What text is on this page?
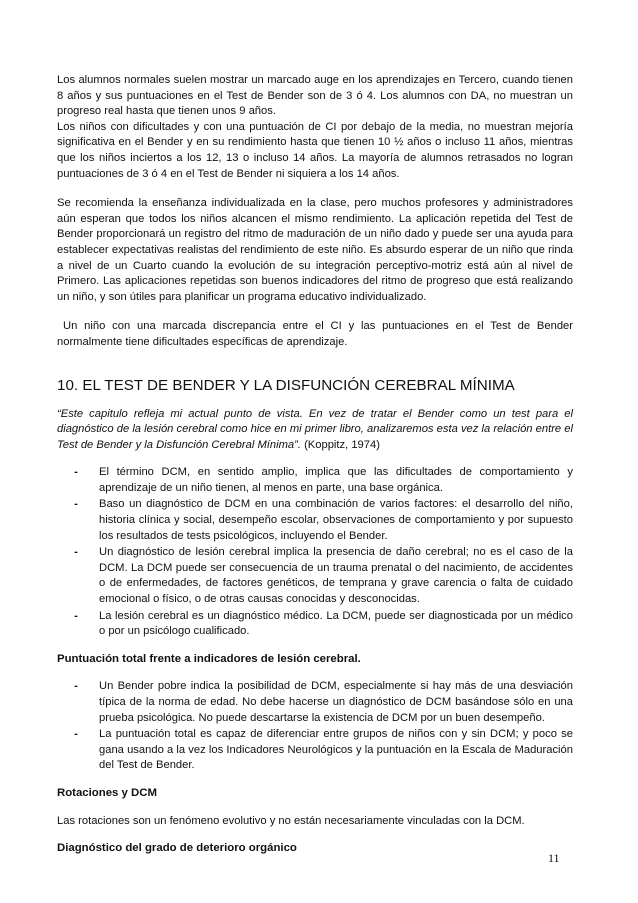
Los alumnos normales suelen mostrar un marcado auge en los aprendizajes en Tercero, cuando tienen 8 años y sus puntuaciones en el Test de Bender son de 3 ó 4. Los alumnos con DA, no muestran un progreso real hasta que tienen unos 9 años.

Los niños con dificultades y con una puntuación de CI por debajo de la media, no muestran mejoría significativa en el Bender y en su rendimiento hasta que tienen 10 ½ años o incluso 11 años, mientras que los niños inciertos a los 12, 13 o incluso 14 años. La mayoría de alumnos retrasados no logran puntuaciones de 3 ó 4 en el Test de Bender ni siquiera a los 14 años.

Se recomienda la enseñanza individualizada en la clase, pero muchos profesores y administradores aún esperan que todos los niños alcancen el mismo rendimiento. La aplicación repetida del Test de Bender proporcionará un registro del ritmo de maduración de un niño dado y puede ser una ayuda para establecer expectativas realistas del rendimiento de este niño. Es absurdo esperar de un niño que rinda a nivel de un Cuarto cuando la evolución de su integración perceptivo-motriz está aún al nivel de Primero. Las aplicaciones repetidas son buenos indicadores del ritmo de progreso que está realizando un niño, y son útiles para planificar un programa educativo individualizado.

Un niño con una marcada discrepancia entre el CI y las puntuaciones en el Test de Bender normalmente tiene dificultades específicas de aprendizaje.

10. EL TEST DE BENDER Y LA DISFUNCIÓN CEREBRAL MÍNIMA

“Este capitulo refleja mi actual punto de vista. En vez de tratar el Bender como un test para el diagnóstico de la lesión cerebral como hice en mi primer libro, analizaremos esta vez la relación entre el Test de Bender y la Disfunción Cerebral Mínima”. (Koppitz, 1974)

- El término DCM, en sentido amplio, implica que las dificultades de comportamiento y aprendizaje de un niño tienen, al menos en parte, una base orgánica.
- Baso un diagnóstico de DCM en una combinación de varios factores: el desarrollo del niño, historia clínica y social, desempeño escolar, observaciones de comportamiento y por supuesto los resultados de tests psicológicos, incluyendo el Bender.
- Un diagnóstico de lesión cerebral implica la presencia de daño cerebral; no es el caso de la DCM. La DCM puede ser consecuencia de un trauma prenatal o del nacimiento, de accidentes o de enfermedades, de factores genéticos, de temprana y grave carencia o falta de cuidado emocional o físico, o de otras causas conocidas y desconocidas.
- La lesión cerebral es un diagnóstico médico. La DCM, puede ser diagnosticada por un médico o por un psicólogo cualificado.
Puntuación total frente a indicadores de lesión cerebral.
- Un Bender pobre indica la posibilidad de DCM, especialmente si hay más de una desviación típica de la norma de edad. No debe hacerse un diagnóstico de DCM basándose sólo en una prueba psicológica. No puede descartarse la existencia de DCM por un buen desempeño.
- La puntuación total es capaz de diferenciar entre grupos de niños con y sin DCM; y poco se gana usando a la vez los Indicadores Neurológicos y la puntuación en la Escala de Maduración del Test de Bender.
Rotaciones y DCM

Las rotaciones son un fenómeno evolutivo y no están necesariamente vinculadas con la DCM.

Diagnóstico del grado de deterioro orgánico
11
